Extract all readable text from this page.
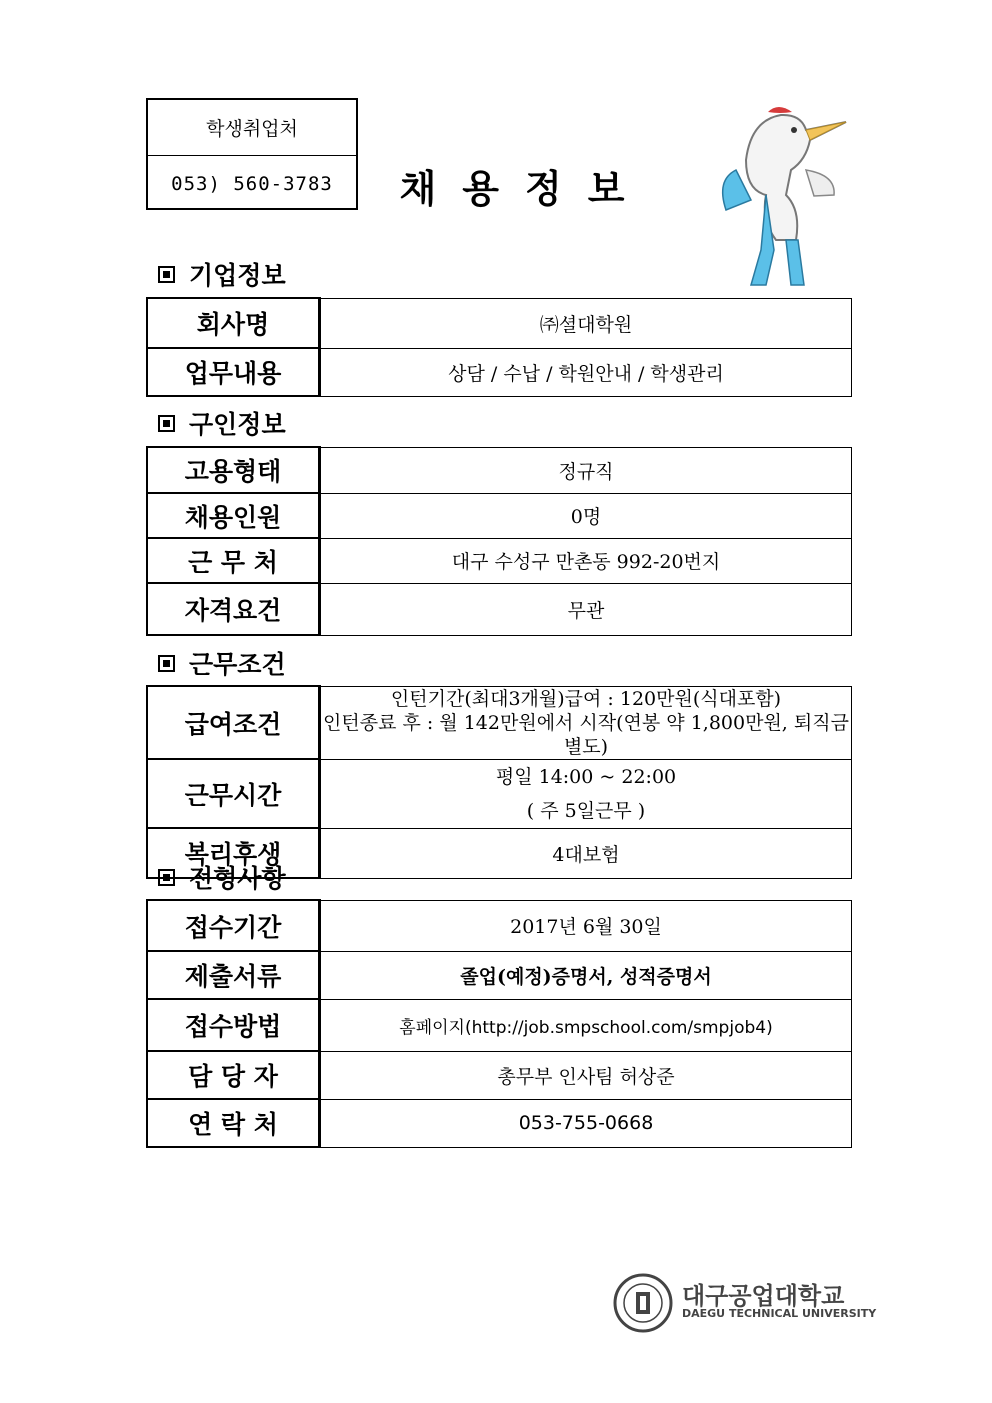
학생취업처
053) 560-3783	채용정보
기업정보
회사명	㈜셜대학원
업무내용	상담 / 수납 / 학원안내 / 학생관리
구인정보
고용형태	정규직
채용인원	0명
근 무 처	대구 수성구 만촌동 992-20번지
자격요건	무관
근무조건
급여조건	인턴기간(최대3개월)급여 : 120만원(식대포함)
인턴종료 후 : 월 142만원에서 시작(연봉 약 1,800만원, 퇴직금 별도)

근무시간	평일 14:00 ~ 22:00
( 주 5일근무 )

복리후생	4대보험
전형사항
접수기간	2017년 6월 30일
제출서류	졸업(예정)증명서, 성적증명서
접수방법	홈페이지(http://job.smpschool.com/smpjob4)
담 당 자	총무부 인사팀 허상준
연 락 처	053-755-0668
대구공업대학교
DAEGU TECHNICAL UNIVERSITY
